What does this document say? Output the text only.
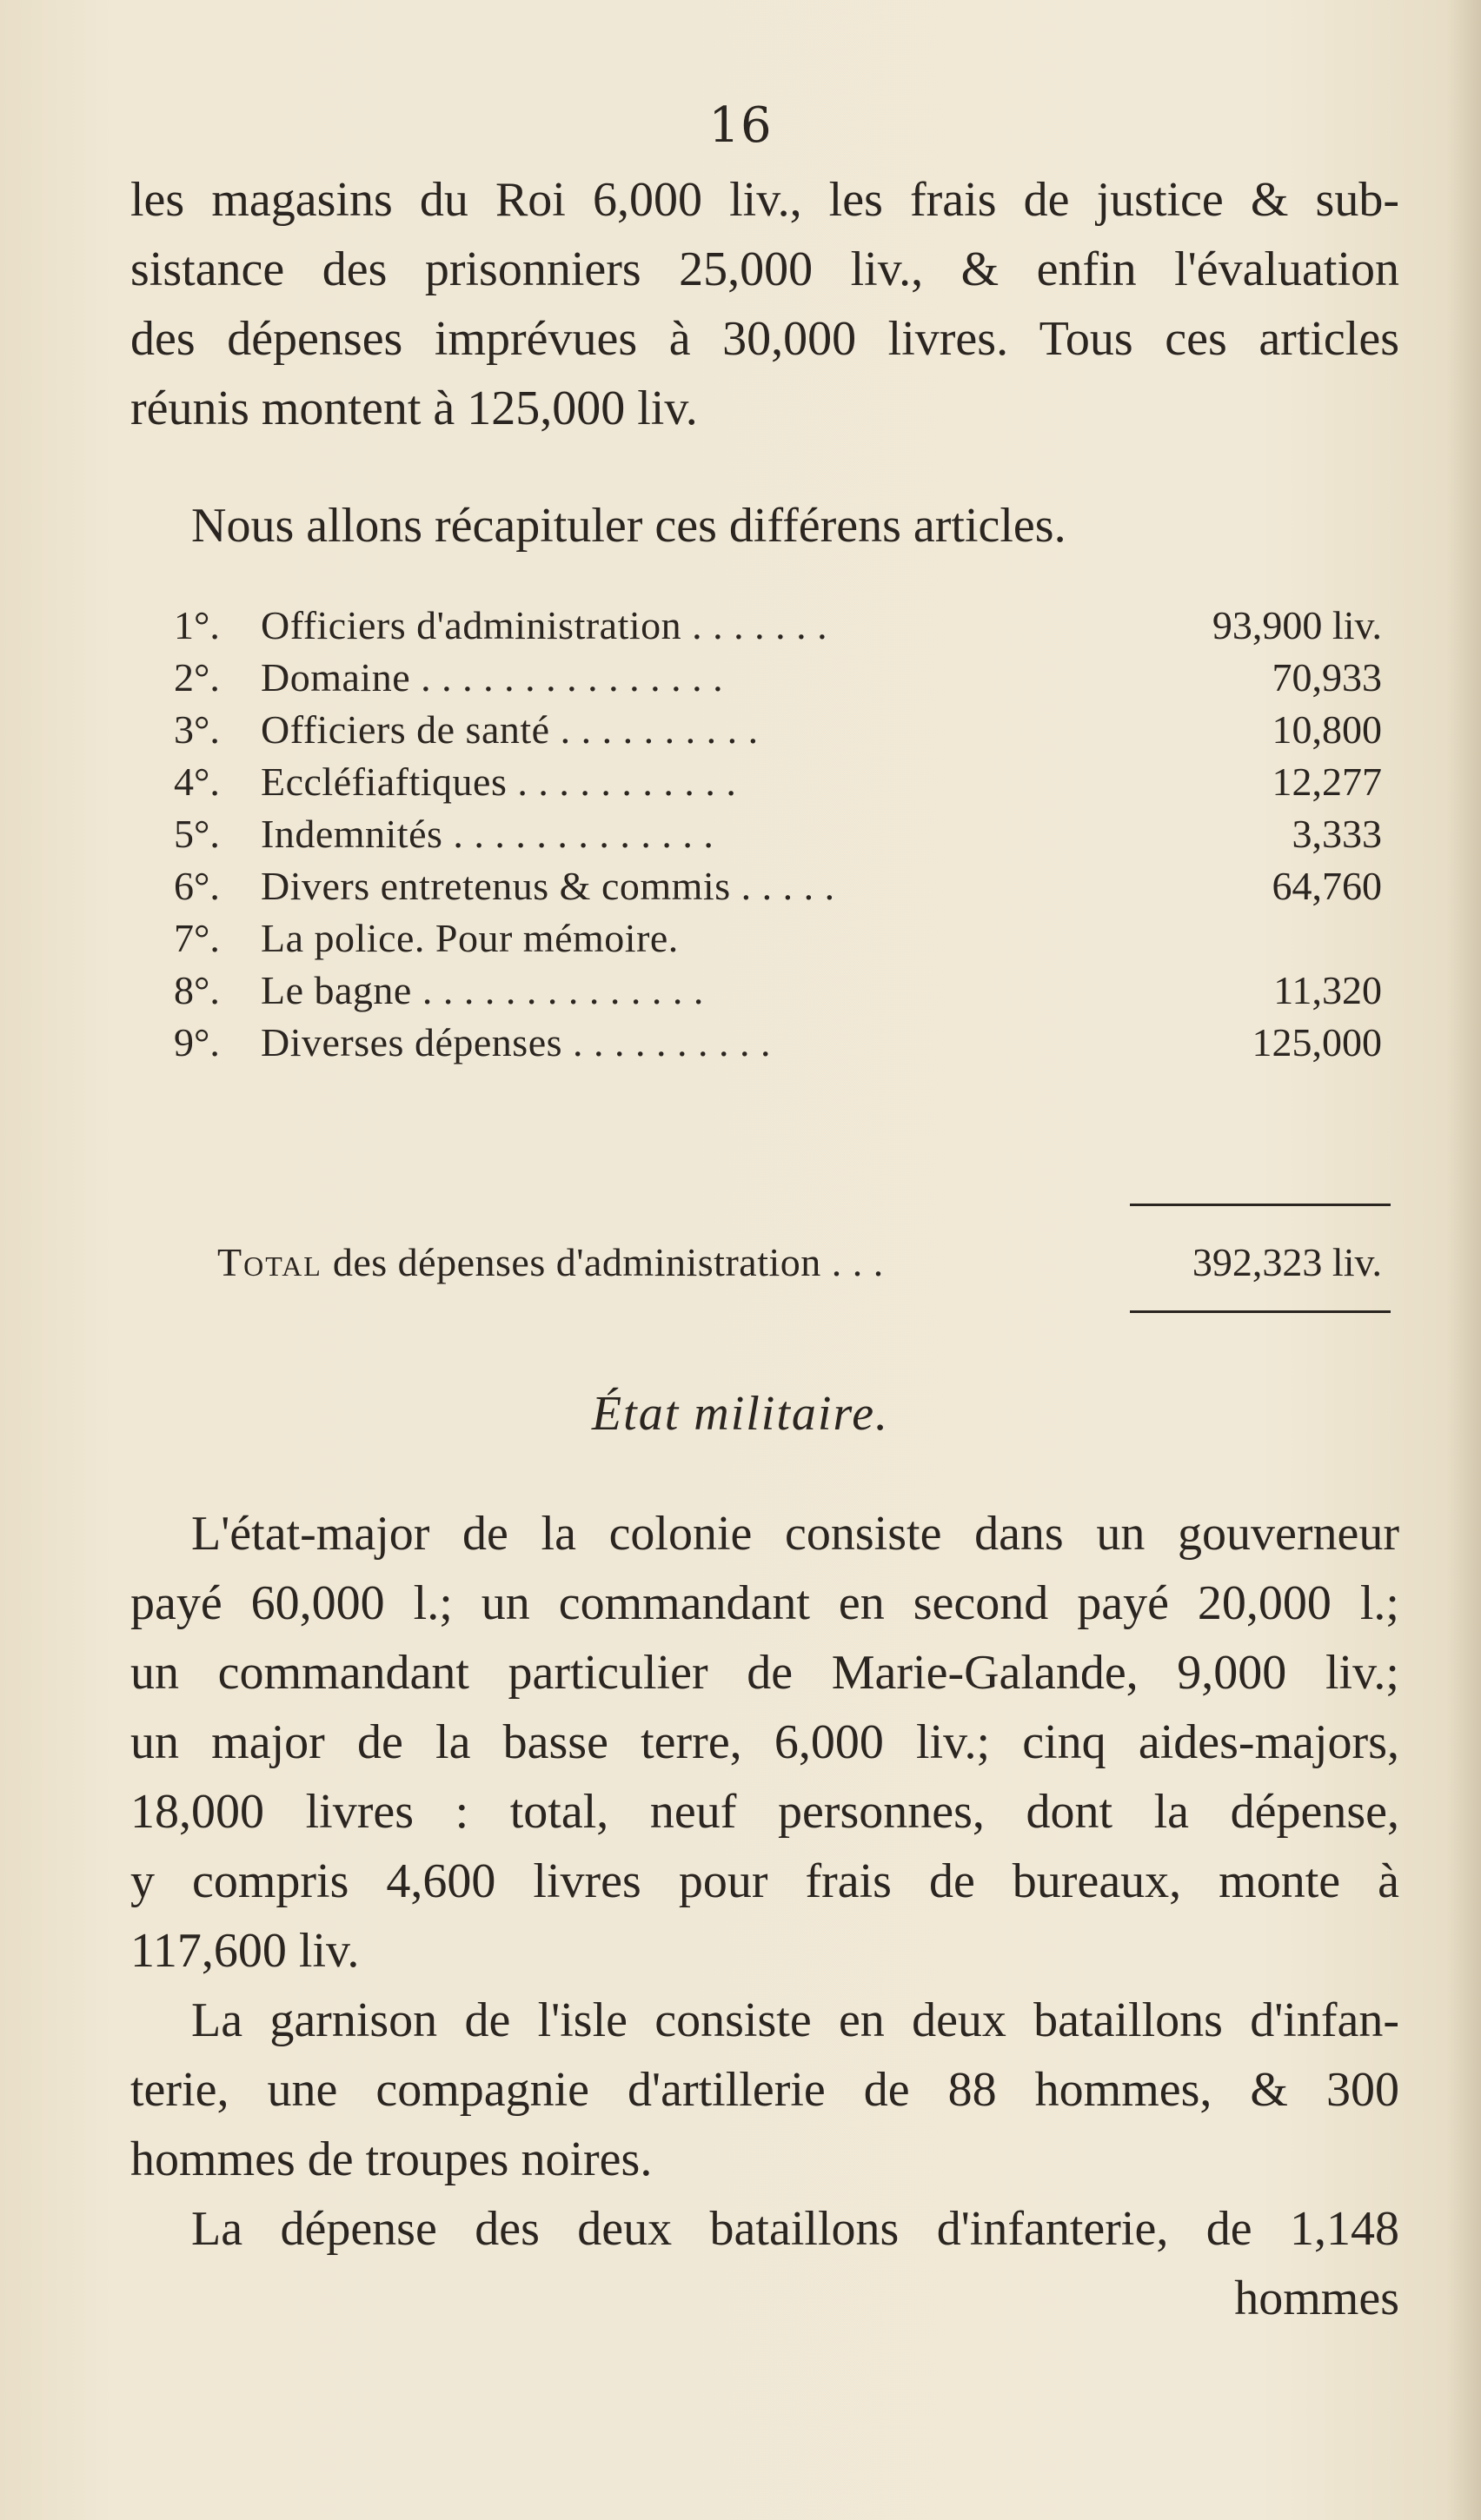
16
les magasins du Roi 6,000 liv., les frais de justice & sub-
sistance des prisonniers 25,000 liv., & enfin l'évaluation
des dépenses imprévues à 30,000 livres. Tous ces articles
réunis montent à 125,000 liv.
Nous allons récapituler ces différens articles.
1°. Officiers d'administration . . . . . . .	93,900 liv.
2°. Domaine . . . . . . . . . . . . . . .	70,933
3°. Officiers de santé . . . . . . . . . .	10,800
4°. Eccléfiaftiques . . . . . . . . . . .	12,277
5°. Indemnités . . . . . . . . . . . . .	3,333
6°. Divers entretenus & commis . . . . .	64,760
7°. La police. Pour mémoire.
8°. Le bagne . . . . . . . . . . . . . .	11,320
9°. Diverses dépenses . . . . . . . . . .	125,000
Total des dépenses d'administration . . .	392,323 liv.
État militaire.
L'état-major de la colonie consiste dans un gouverneur
payé 60,000 l.; un commandant en second payé 20,000 l.;
un commandant particulier de Marie-Galande, 9,000 liv.;
un major de la basse terre, 6,000 liv.; cinq aides-majors,
18,000 livres : total, neuf personnes, dont la dépense,
y compris 4,600 livres pour frais de bureaux, monte à
117,600 liv.
La garnison de l'isle consiste en deux bataillons d'infan-
terie, une compagnie d'artillerie de 88 hommes, & 300
hommes de troupes noires.
La dépense des deux bataillons d'infanterie, de 1,148
hommes
